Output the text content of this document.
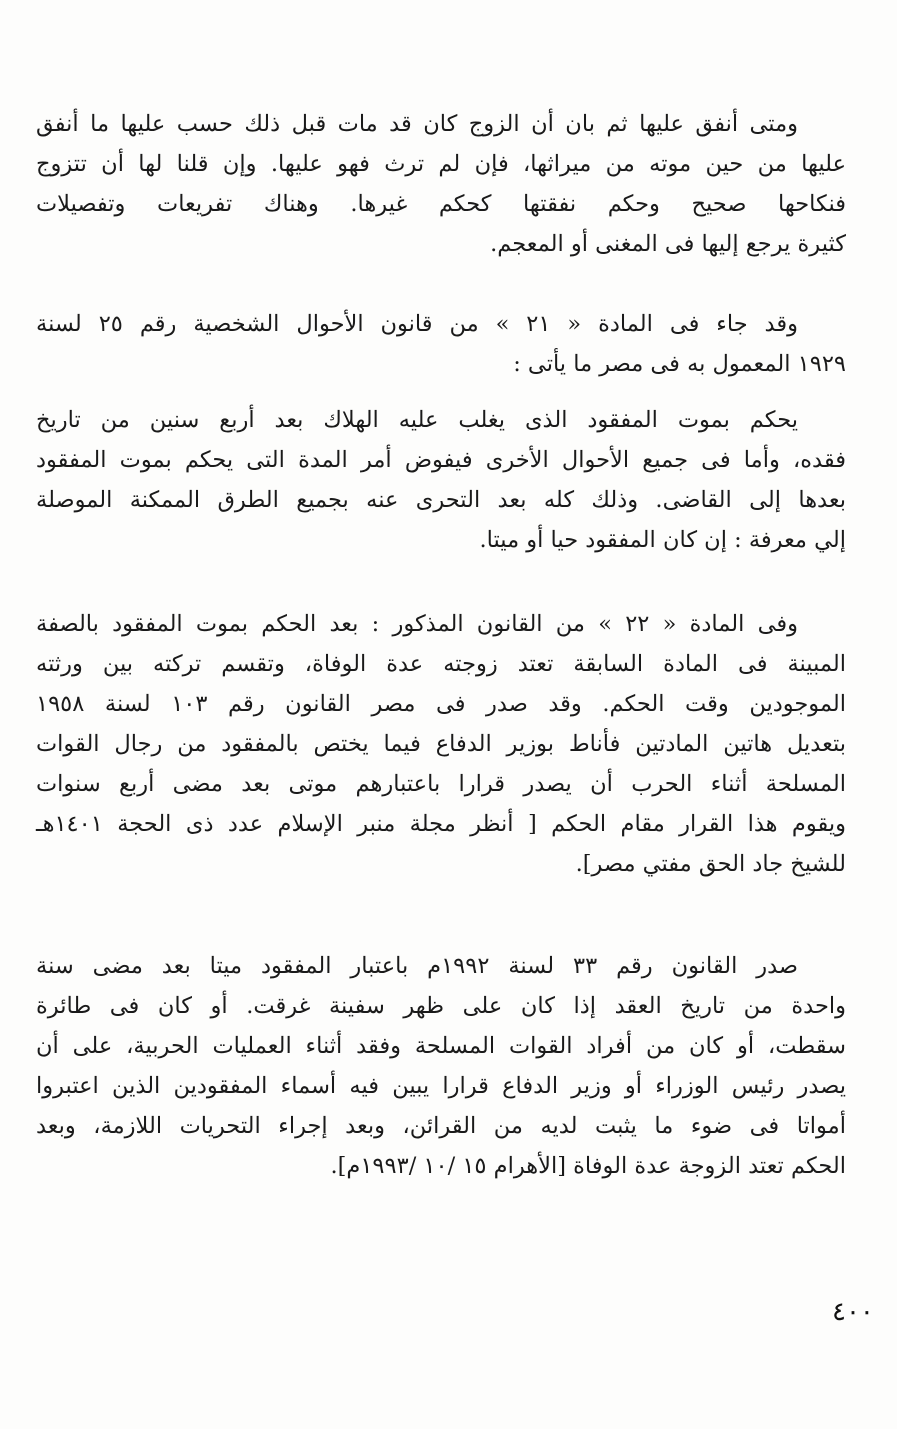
ومتى أنفق عليها ثم بان أن الزوج كان قد مات قبل ذلك حسب عليها ما أنفق
عليها من حين موته من ميراثها، فإن لم ترث فهو عليها. وإن قلنا لها أن تتزوج
فنكاحها صحيح وحكم نفقتها كحكم غيرها. وهناك تفريعات وتفصيلات
كثيرة يرجع إليها فى المغنى أو المعجم.
وقد جاء فى المادة « ٢١ » من قانون الأحوال الشخصية رقم ٢٥ لسنة
١٩٢٩ المعمول به فى مصر ما يأتى :
يحكم بموت المفقود الذى يغلب عليه الهلاك بعد أربع سنين من تاريخ
فقده، وأما فى جميع الأحوال الأخرى فيفوض أمر المدة التى يحكم بموت المفقود
بعدها إلى القاضى. وذلك كله بعد التحرى عنه بجميع الطرق الممكنة الموصلة
إلي معرفة : إن كان المفقود حيا أو ميتا.
وفى المادة « ٢٢ » من القانون المذكور : بعد الحكم بموت المفقود بالصفة
المبينة فى المادة السابقة تعتد زوجته عدة الوفاة، وتقسم تركته بين ورثته
الموجودين وقت الحكم. وقد صدر فى مصر القانون رقم ١٠٣ لسنة ١٩٥٨
بتعديل هاتين المادتين فأناط بوزير الدفاع فيما يختص بالمفقود من رجال القوات
المسلحة أثناء الحرب أن يصدر قرارا باعتبارهم موتى بعد مضى أربع سنوات
ويقوم هذا القرار مقام الحكم [ أنظر مجلة منبر الإسلام عدد ذى الحجة ١٤٠١هـ
للشيخ جاد الحق مفتي مصر].
صدر القانون رقم ٣٣ لسنة ١٩٩٢م باعتبار المفقود ميتا بعد مضى سنة
واحدة من تاريخ العقد إذا كان على ظهر سفينة غرقت. أو كان فى طائرة
سقطت، أو كان من أفراد القوات المسلحة وفقد أثناء العمليات الحربية، على أن
يصدر رئيس الوزراء أو وزير الدفاع قرارا يبين فيه أسماء المفقودين الذين اعتبروا
أمواتا فى ضوء ما يثبت لديه من القرائن، وبعد إجراء التحريات اللازمة، وبعد
الحكم تعتد الزوجة عدة الوفاة [الأهرام ١٥ /١٠ /١٩٩٣م].
٤٠٠
